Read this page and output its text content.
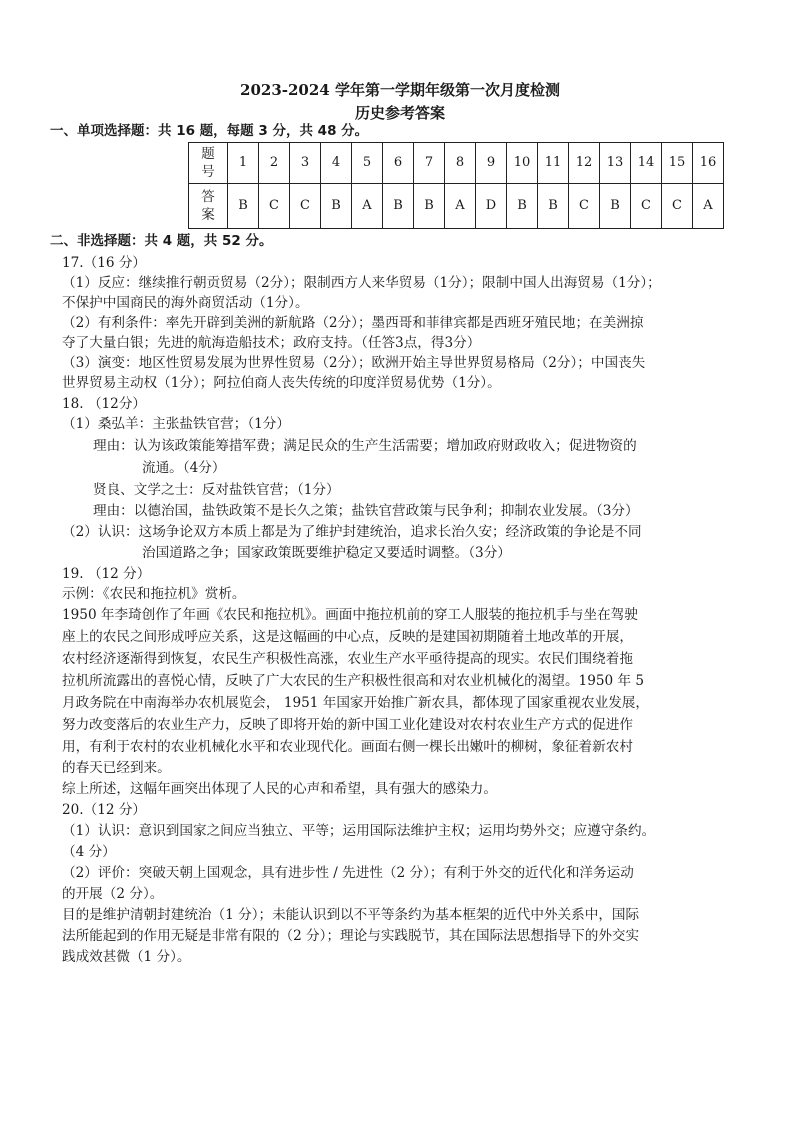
2023-2024 学年第一学期年级第一次月度检测
历史参考答案
一、单项选择题：共 16 题，每题 3 分，共 48 分。
题
号	1	2	3	4	5	6	7	8	9	10	11	12	13	14	15	16

答
案	B	C	C	B	A	B	B	A	D	B	B	C	B	C	C	A
二、非选择题：共 4 题，共 52 分。
17.（16 分）
（1）反应：继续推行朝贡贸易（2分）；限制西方人来华贸易（1分）；限制中国人出海贸易（1分）；
不保护中国商民的海外商贸活动（1分）。
（2）有利条件：率先开辟到美洲的新航路（2分）；墨西哥和菲律宾都是西班牙殖民地；在美洲掠
夺了大量白银；先进的航海造船技术；政府支持。（任答3点，得3分）
（3）演变：地区性贸易发展为世界性贸易（2分）；欧洲开始主导世界贸易格局（2分）；中国丧失
世界贸易主动权（1分）；阿拉伯商人丧失传统的印度洋贸易优势（1分）。
18. （12分）
（1）桑弘羊：主张盐铁官营；（1分）
理由：认为该政策能筹措军费；满足民众的生产生活需要；增加政府财政收入；促进物资的
流通。（4分）
贤良、文学之士：反对盐铁官营；（1分）
理由：以德治国，盐铁政策不是长久之策；盐铁官营政策与民争利；抑制农业发展。（3分）
（2）认识：这场争论双方本质上都是为了维护封建统治，追求长治久安；经济政策的争论是不同
治国道路之争；国家政策既要维护稳定又要适时调整。（3分）
19. （12 分）
示例：《农民和拖拉机》赏析。
1950 年李琦创作了年画《农民和拖拉机》。画面中拖拉机前的穿工人服装的拖拉机手与坐在驾驶
座上的农民之间形成呼应关系，这是这幅画的中心点，反映的是建国初期随着土地改革的开展，
农村经济逐渐得到恢复，农民生产积极性高涨，农业生产水平亟待提高的现实。农民们围绕着拖
拉机所流露出的喜悦心情，反映了广大农民的生产积极性很高和对农业机械化的渴望。1950 年 5
月政务院在中南海举办农机展览会， 1951 年国家开始推广新农具，都体现了国家重视农业发展，
努力改变落后的农业生产力，反映了即将开始的新中国工业化建设对农村农业生产方式的促进作
用，有利于农村的农业机械化水平和农业现代化。画面右侧一棵长出嫩叶的柳树，象征着新农村
的春天已经到来。
综上所述，这幅年画突出体现了人民的心声和希望，具有强大的感染力。
20.（12 分）
（1）认识：意识到国家之间应当独立、平等；运用国际法维护主权；运用均势外交；应遵守条约。
（4 分）
（2）评价：突破天朝上国观念，具有进步性 / 先进性（2 分）；有利于外交的近代化和洋务运动
的开展（2 分）。
目的是维护清朝封建统治（1 分）；未能认识到以不平等条约为基本框架的近代中外关系中，国际
法所能起到的作用无疑是非常有限的（2 分）；理论与实践脱节，其在国际法思想指导下的外交实
践成效甚微（1 分）。
